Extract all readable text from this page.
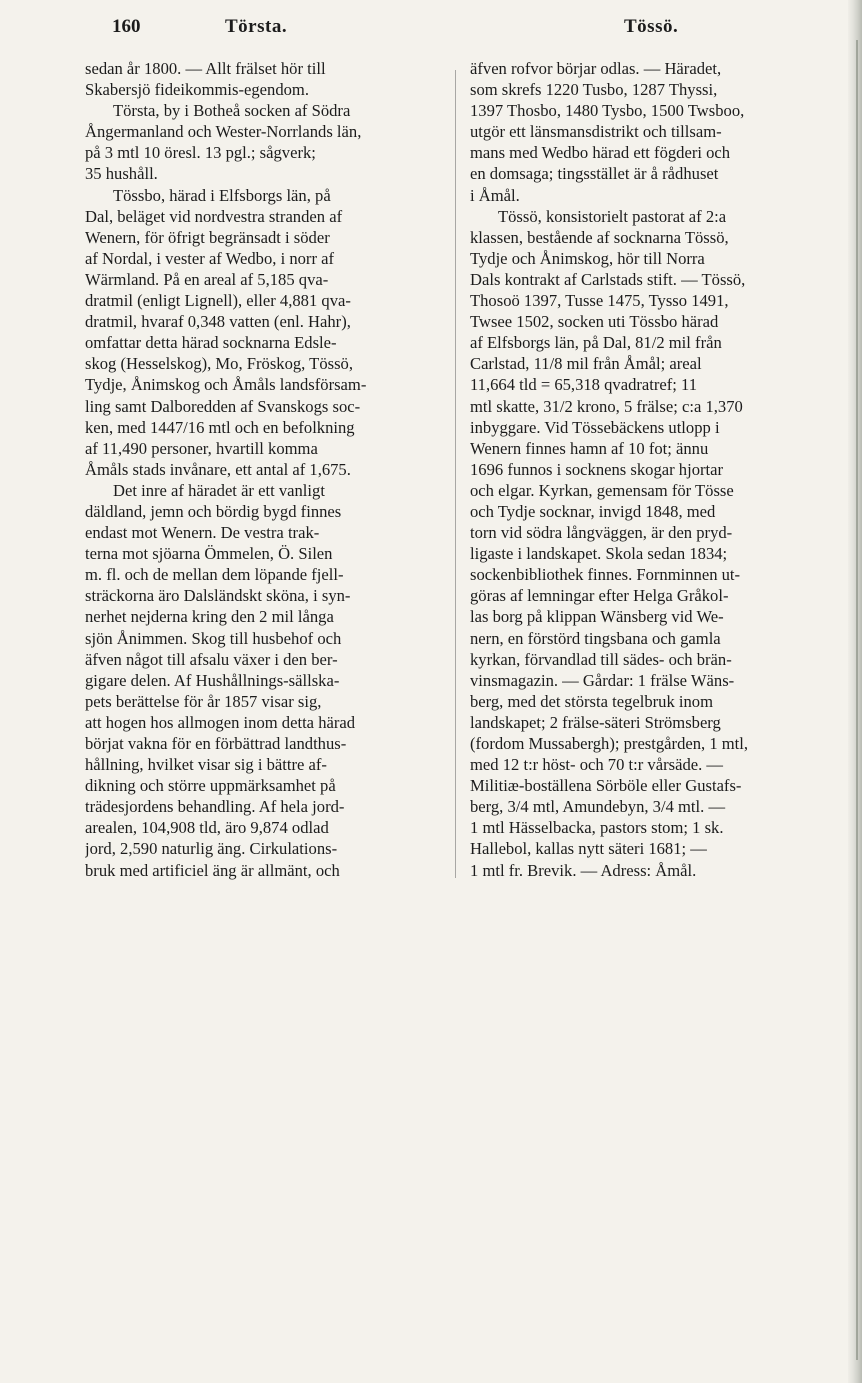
160	Törsta.	Tössö.
sedan år 1800. — Allt frälset hör till
Skabersjö fideikommis-egendom.
Törsta, by i Botheå socken af Södra
Ångermanland och Wester-Norrlands län,
på 3 mtl 10 öresl. 13 pgl.; sågverk;
35 hushåll.
Tössbo, härad i Elfsborgs län, på
Dal, beläget vid nordvestra stranden af
Wenern, för öfrigt begränsadt i söder
af Nordal, i vester af Wedbo, i norr af
Wärmland. På en areal af 5,185 qva-
dratmil (enligt Lignell), eller 4,881 qva-
dratmil, hvaraf 0,348 vatten (enl. Hahr),
omfattar detta härad socknarna Edsle-
skog (Hesselskog), Mo, Fröskog, Tössö,
Tydje, Ånimskog och Åmåls landsförsam-
ling samt Dalboredden af Svanskogs soc-
ken, med 1447/16 mtl och en befolkning
af 11,490 personer, hvartill komma
Åmåls stads invånare, ett antal af 1,675.
Det inre af häradet är ett vanligt
däldland, jemn och bördig bygd finnes
endast mot Wenern. De vestra trak-
terna mot sjöarna Ömmelen, Ö. Silen
m. fl. och de mellan dem löpande fjell-
sträckorna äro Dalsländskt sköna, i syn-
nerhet nejderna kring den 2 mil långa
sjön Ånimmen. Skog till husbehof och
äfven något till afsalu växer i den ber-
gigare delen. Af Hushållnings-sällska-
pets berättelse för år 1857 visar sig,
att hogen hos allmogen inom detta härad
börjat vakna för en förbättrad landthus-
hållning, hvilket visar sig i bättre af-
dikning och större uppmärksamhet på
trädesjordens behandling. Af hela jord-
arealen, 104,908 tld, äro 9,874 odlad
jord, 2,590 naturlig äng. Cirkulations-
bruk med artificiel äng är allmänt, och
äfven rofvor börjar odlas. — Häradet,
som skrefs 1220 Tusbo, 1287 Thyssi,
1397 Thosbo, 1480 Tysbo, 1500 Twsboo,
utgör ett länsmansdistrikt och tillsam-
mans med Wedbo härad ett fögderi och
en domsaga; tingsstället är å rådhuset
i Åmål.
Tössö, konsistorielt pastorat af 2:a
klassen, bestående af socknarna Tössö,
Tydje och Ånimskog, hör till Norra
Dals kontrakt af Carlstads stift. — Tössö,
Thosoö 1397, Tusse 1475, Tysso 1491,
Twsee 1502, socken uti Tössbo härad
af Elfsborgs län, på Dal, 81/2 mil från
Carlstad, 11/8 mil från Åmål; areal
11,664 tld = 65,318 qvadratref; 11
mtl skatte, 31/2 krono, 5 frälse; c:a 1,370
inbyggare. Vid Tössebäckens utlopp i
Wenern finnes hamn af 10 fot; ännu
1696 funnos i socknens skogar hjortar
och elgar. Kyrkan, gemensam för Tösse
och Tydje socknar, invigd 1848, med
torn vid södra långväggen, är den pryd-
ligaste i landskapet. Skola sedan 1834;
sockenbibliothek finnes. Fornminnen ut-
göras af lemningar efter Helga Gråkol-
las borg på klippan Wänsberg vid We-
nern, en förstörd tingsbana och gamla
kyrkan, förvandlad till sädes- och brän-
vinsmagazin. — Gårdar: 1 frälse Wäns-
berg, med det största tegelbruk inom
landskapet; 2 frälse-säteri Strömsberg
(fordom Mussabergh); prestgården, 1 mtl,
med 12 t:r höst- och 70 t:r vårsäde. —
Militiæ-boställena Sörböle eller Gustafs-
berg, 3/4 mtl, Amundebyn, 3/4 mtl. —
1 mtl Hässelbacka, pastors stom; 1 sk.
Hallebol, kallas nytt säteri 1681; —
1 mtl fr. Brevik. — Adress: Åmål.
